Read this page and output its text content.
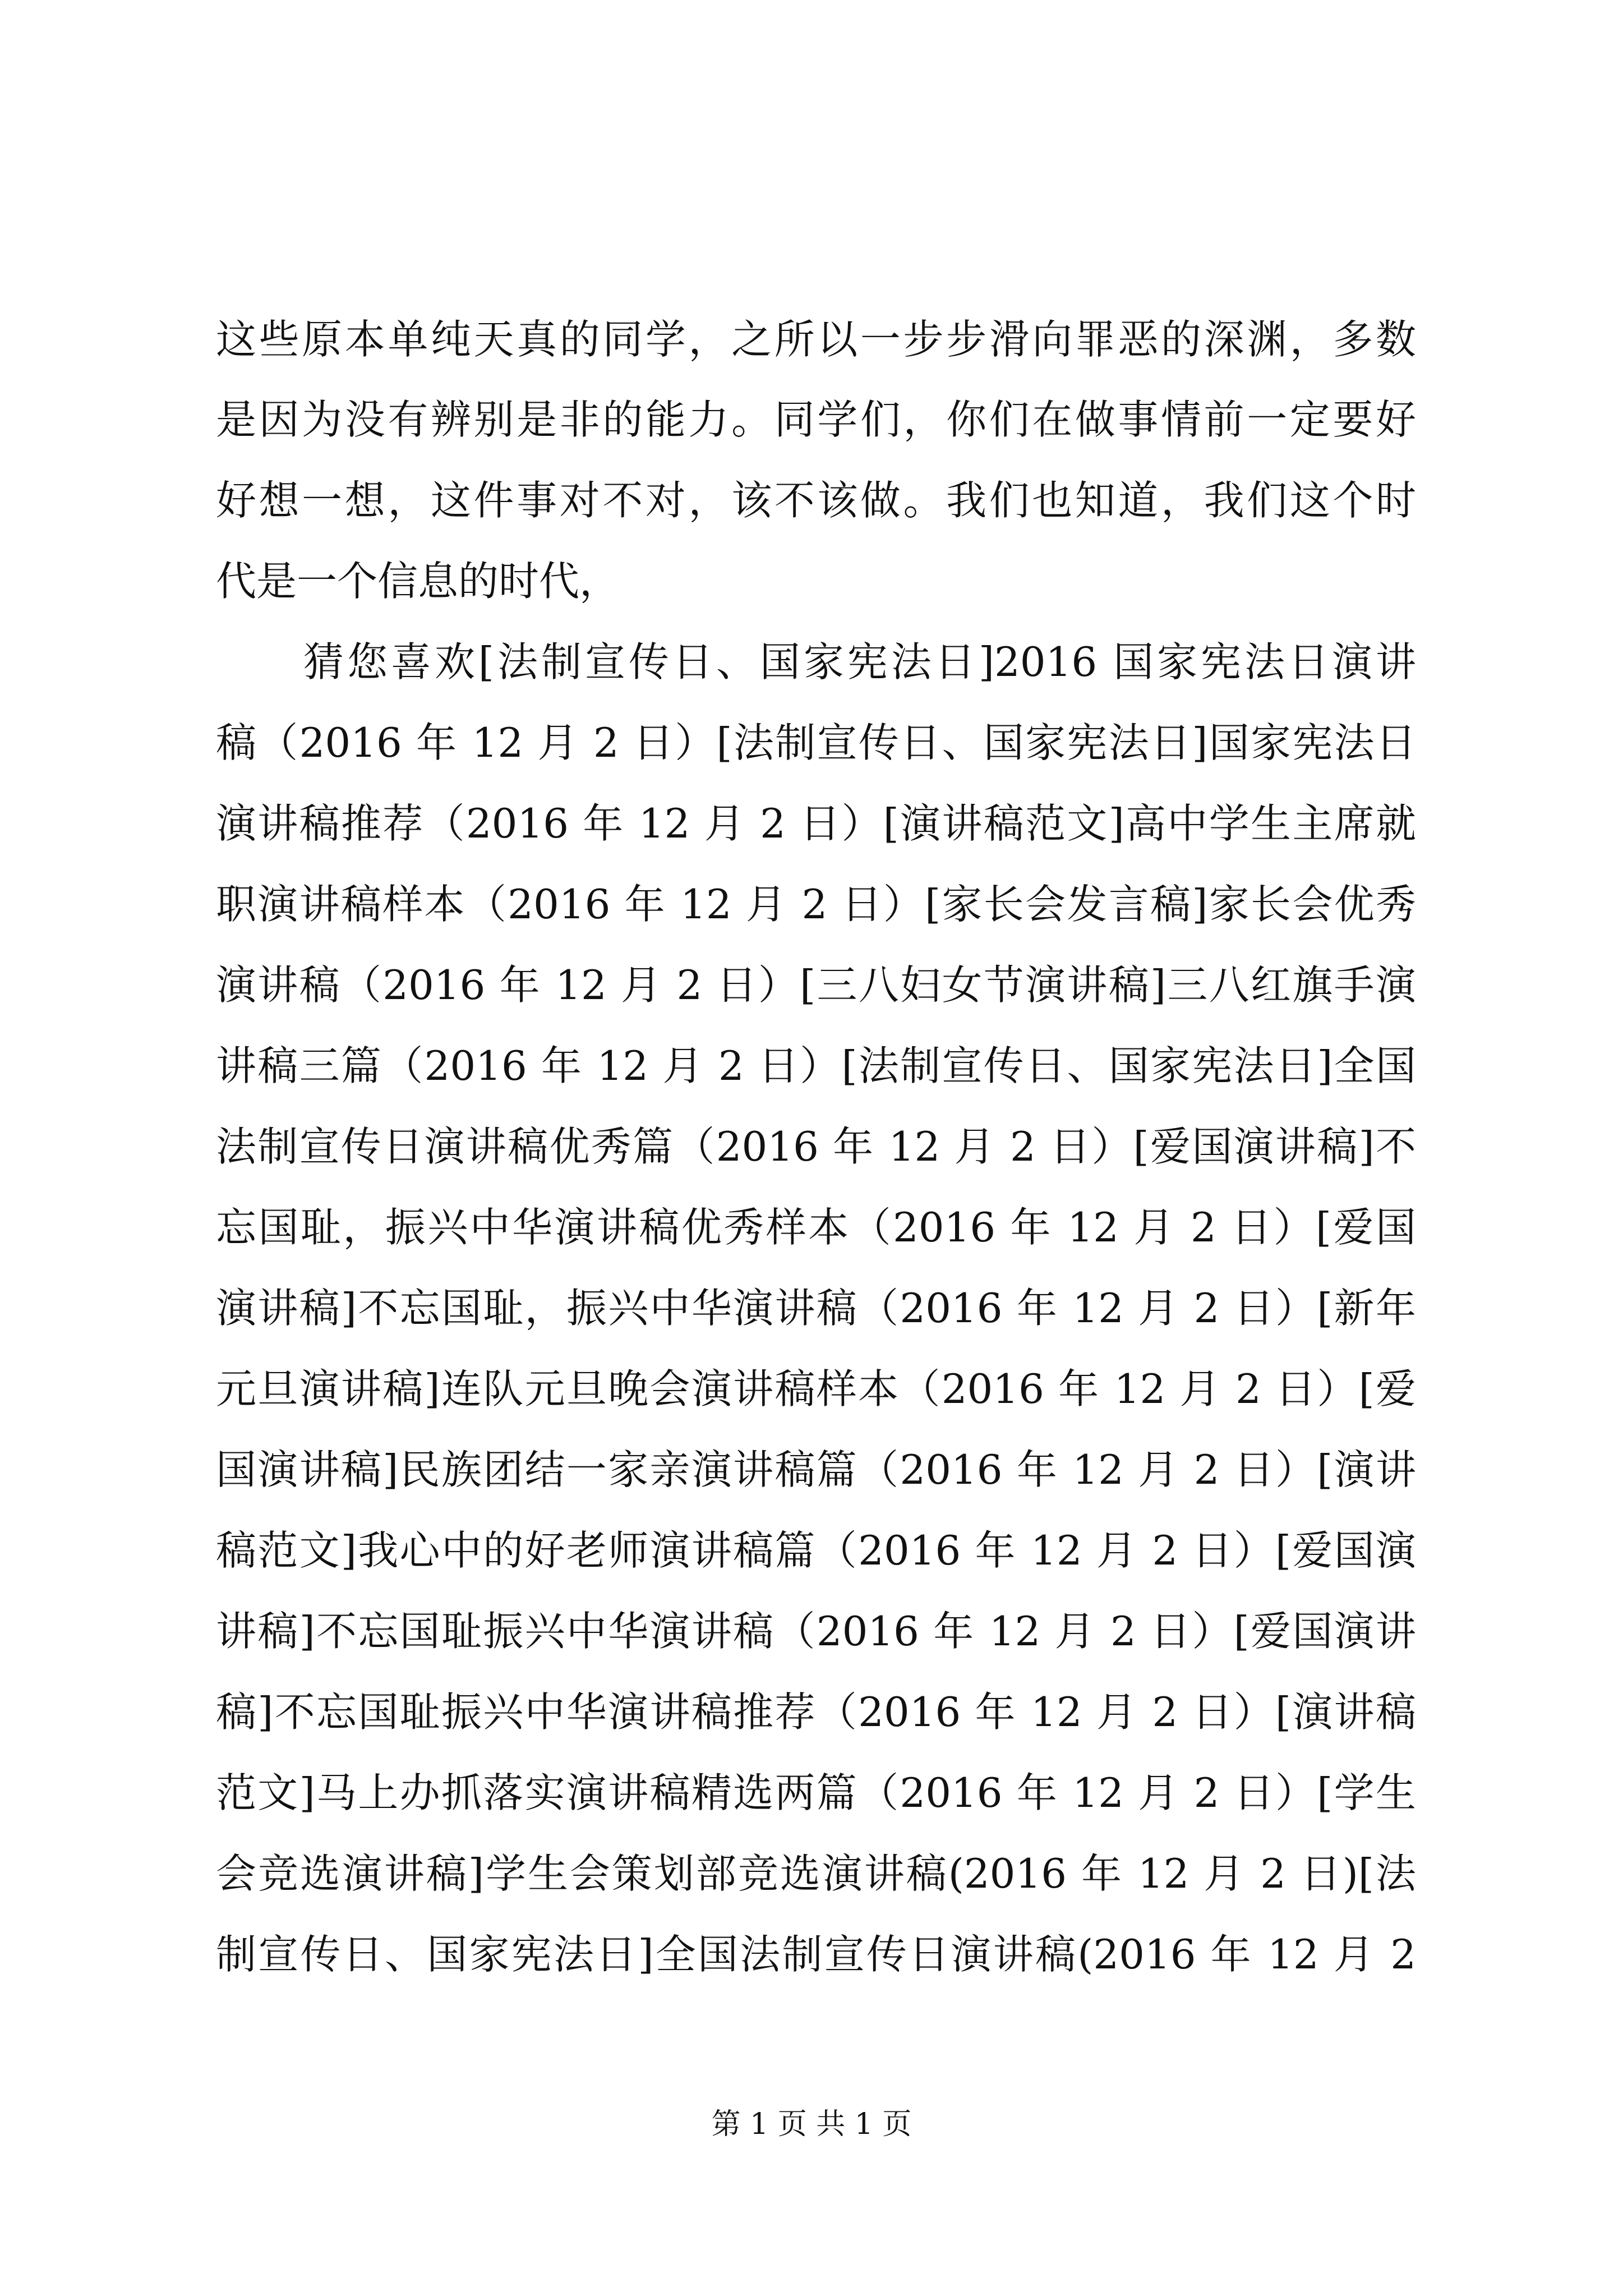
这些原本单纯天真的同学，之所以一步步滑向罪恶的深渊，多数
是因为没有辨别是非的能力。同学们，你们在做事情前一定要好
好想一想，这件事对不对，该不该做。我们也知道，我们这个时
代是一个信息的时代，
　　猜您喜欢[法制宣传日、国家宪法日]2016 国家宪法日演讲
稿（2016 年 12 月 2 日）[法制宣传日、国家宪法日]国家宪法日
演讲稿推荐（2016 年 12 月 2 日）[演讲稿范文]高中学生主席就
职演讲稿样本（2016 年 12 月 2 日）[家长会发言稿]家长会优秀
演讲稿（2016 年 12 月 2 日）[三八妇女节演讲稿]三八红旗手演
讲稿三篇（2016 年 12 月 2 日）[法制宣传日、国家宪法日]全国
法制宣传日演讲稿优秀篇（2016 年 12 月 2 日）[爱国演讲稿]不
忘国耻，振兴中华演讲稿优秀样本（2016 年 12 月 2 日）[爱国
演讲稿]不忘国耻，振兴中华演讲稿（2016 年 12 月 2 日）[新年
元旦演讲稿]连队元旦晚会演讲稿样本（2016 年 12 月 2 日）[爱
国演讲稿]民族团结一家亲演讲稿篇（2016 年 12 月 2 日）[演讲
稿范文]我心中的好老师演讲稿篇（2016 年 12 月 2 日）[爱国演
讲稿]不忘国耻振兴中华演讲稿（2016 年 12 月 2 日）[爱国演讲
稿]不忘国耻振兴中华演讲稿推荐（2016 年 12 月 2 日）[演讲稿
范文]马上办抓落实演讲稿精选两篇（2016 年 12 月 2 日）[学生
会竞选演讲稿]学生会策划部竞选演讲稿(2016 年 12 月 2 日)[法
制宣传日、国家宪法日]全国法制宣传日演讲稿(2016 年 12 月 2
第 1 页 共 1 页
